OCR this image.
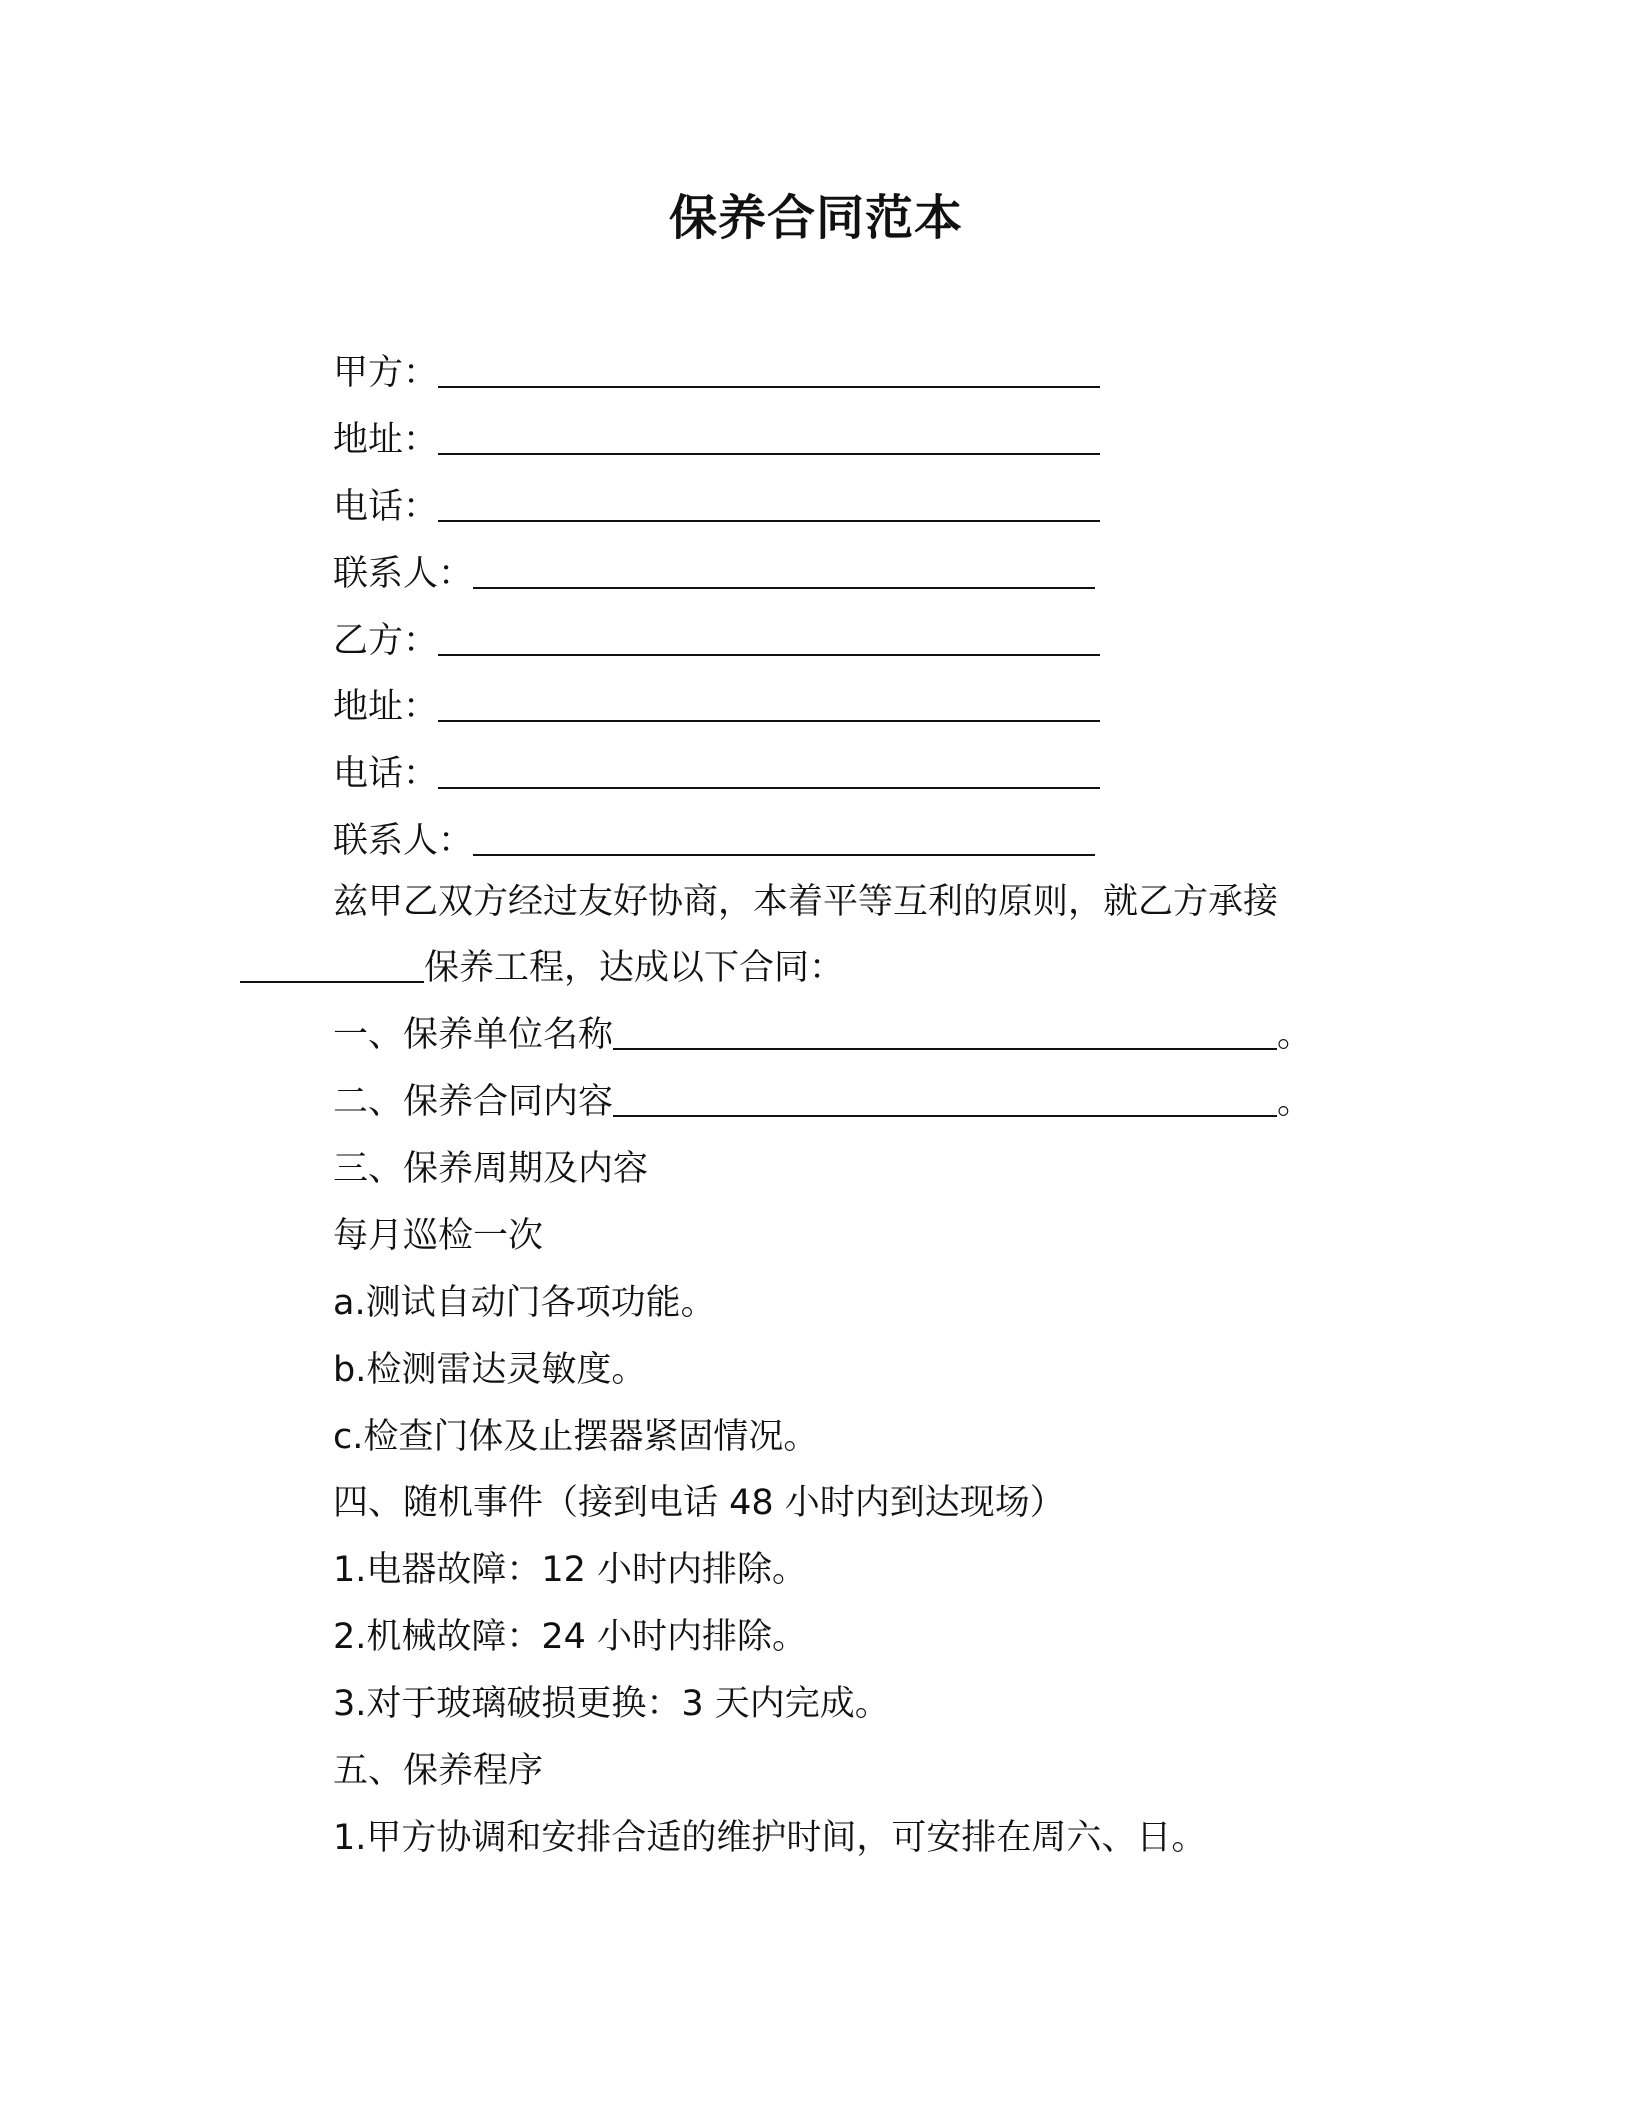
保养合同范本
甲方：
地址：
电话：
联系人：
乙方：
地址：
电话：
联系人：
兹甲乙双方经过友好协商，本着平等互利的原则，就乙方承接
保养工程，达成以下合同：
一、保养单位名称	。
二、保养合同内容	。
三、保养周期及内容
每月巡检一次
a.测试自动门各项功能。
b.检测雷达灵敏度。
c.检查门体及止摆器紧固情况。
四、随机事件（接到电话 48 小时内到达现场）
1.电器故障：12 小时内排除。
2.机械故障：24 小时内排除。
3.对于玻璃破损更换：3 天内完成。
五、保养程序
1.甲方协调和安排合适的维护时间，可安排在周六、日。
